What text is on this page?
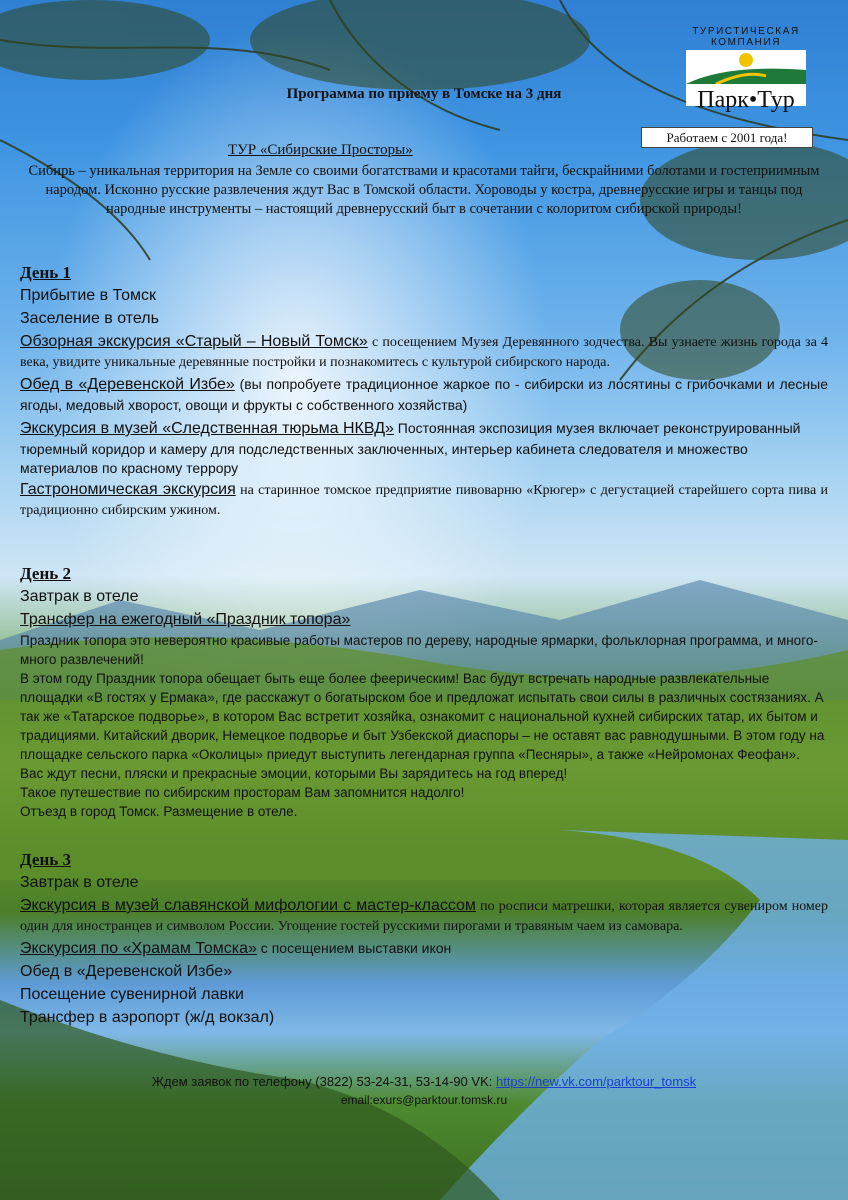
Программа по приему в Томске на 3 дня
ТУРИСТИЧЕСКАЯ
КОМПАНИЯ
Парк•Тур
Работаем с 2001 года!
ТУР «Сибирские Просторы»
Сибирь – уникальная территория на Земле со своими богатствами и красотами тайги, бескрайними болотами и гостеприимным народом. Исконно русские развлечения ждут Вас в Томской области. Хороводы у костра, древнерусские игры и танцы под народные инструменты – настоящий древнерусский быт в сочетании с колоритом сибирской природы!
День 1
Прибытие в Томск
Заселение в отель
Обзорная экскурсия «Старый – Новый Томск» с посещением Музея Деревянного зодчества. Вы узнаете жизнь города за 4 века, увидите уникальные деревянные постройки и познакомитесь с культурой сибирского народа.
Обед в «Деревенской Избе» (вы попробуете традиционное жаркое по - сибирски из лосятины с грибочками и лесные ягоды, медовый хворост, овощи и фрукты с собственного хозяйства)
Экскурсия в музей «Следственная тюрьма НКВД» Постоянная экспозиция музея включает реконструированный тюремный коридор и камеру для подследственных заключенных, интерьер кабинета следователя и множество материалов по красному террору
Гастрономическая экскурсия на старинное томское предприятие пивоварню «Крюгер» с дегустацией старейшего сорта пива и традиционно сибирским ужином.
День 2
Завтрак в отеле
Трансфер на ежегодный «Праздник топора»
Праздник топора это невероятно красивые работы мастеров по дереву, народные ярмарки, фольклорная программа, и много-много развлечений!
В этом году Праздник топора обещает быть еще более феерическим! Вас будут встречать народные развлекательные площадки «В гостях у Ермака», где расскажут о богатырском бое и предложат испытать свои силы в различных состязаниях. А так же «Татарское подворье», в котором Вас встретит хозяйка, ознакомит с национальной кухней сибирских татар, их бытом и традициями. Китайский дворик, Немецкое подворье и быт Узбекской диаспоры – не оставят вас равнодушными. В этом году на площадке сельского парка «Околицы» приедут выступить легендарная группа «Песняры», а также «Нейромонах Феофан».
Вас ждут песни, пляски и прекрасные эмоции, которыми Вы зарядитесь на год вперед!
Такое путешествие по сибирским просторам Вам запомнится надолго!
Отъезд в город Томск. Размещение в отеле.
День 3
Завтрак в отеле
Экскурсия в музей славянской мифологии с мастер-классом по росписи матрешки, которая является сувениром номер один для иностранцев и символом России. Угощение гостей русскими пирогами и травяным чаем из самовара.
Экскурсия по «Храмам Томска» с посещением выставки икон
Обед в «Деревенской Избе»
Посещение сувенирной лавки
Трансфер в аэропорт (ж/д вокзал)
Ждем заявок по телефону (3822) 53-24-31, 53-14-90 VK: https://new.vk.com/parktour_tomsk
email:exurs@parktour.tomsk.ru
